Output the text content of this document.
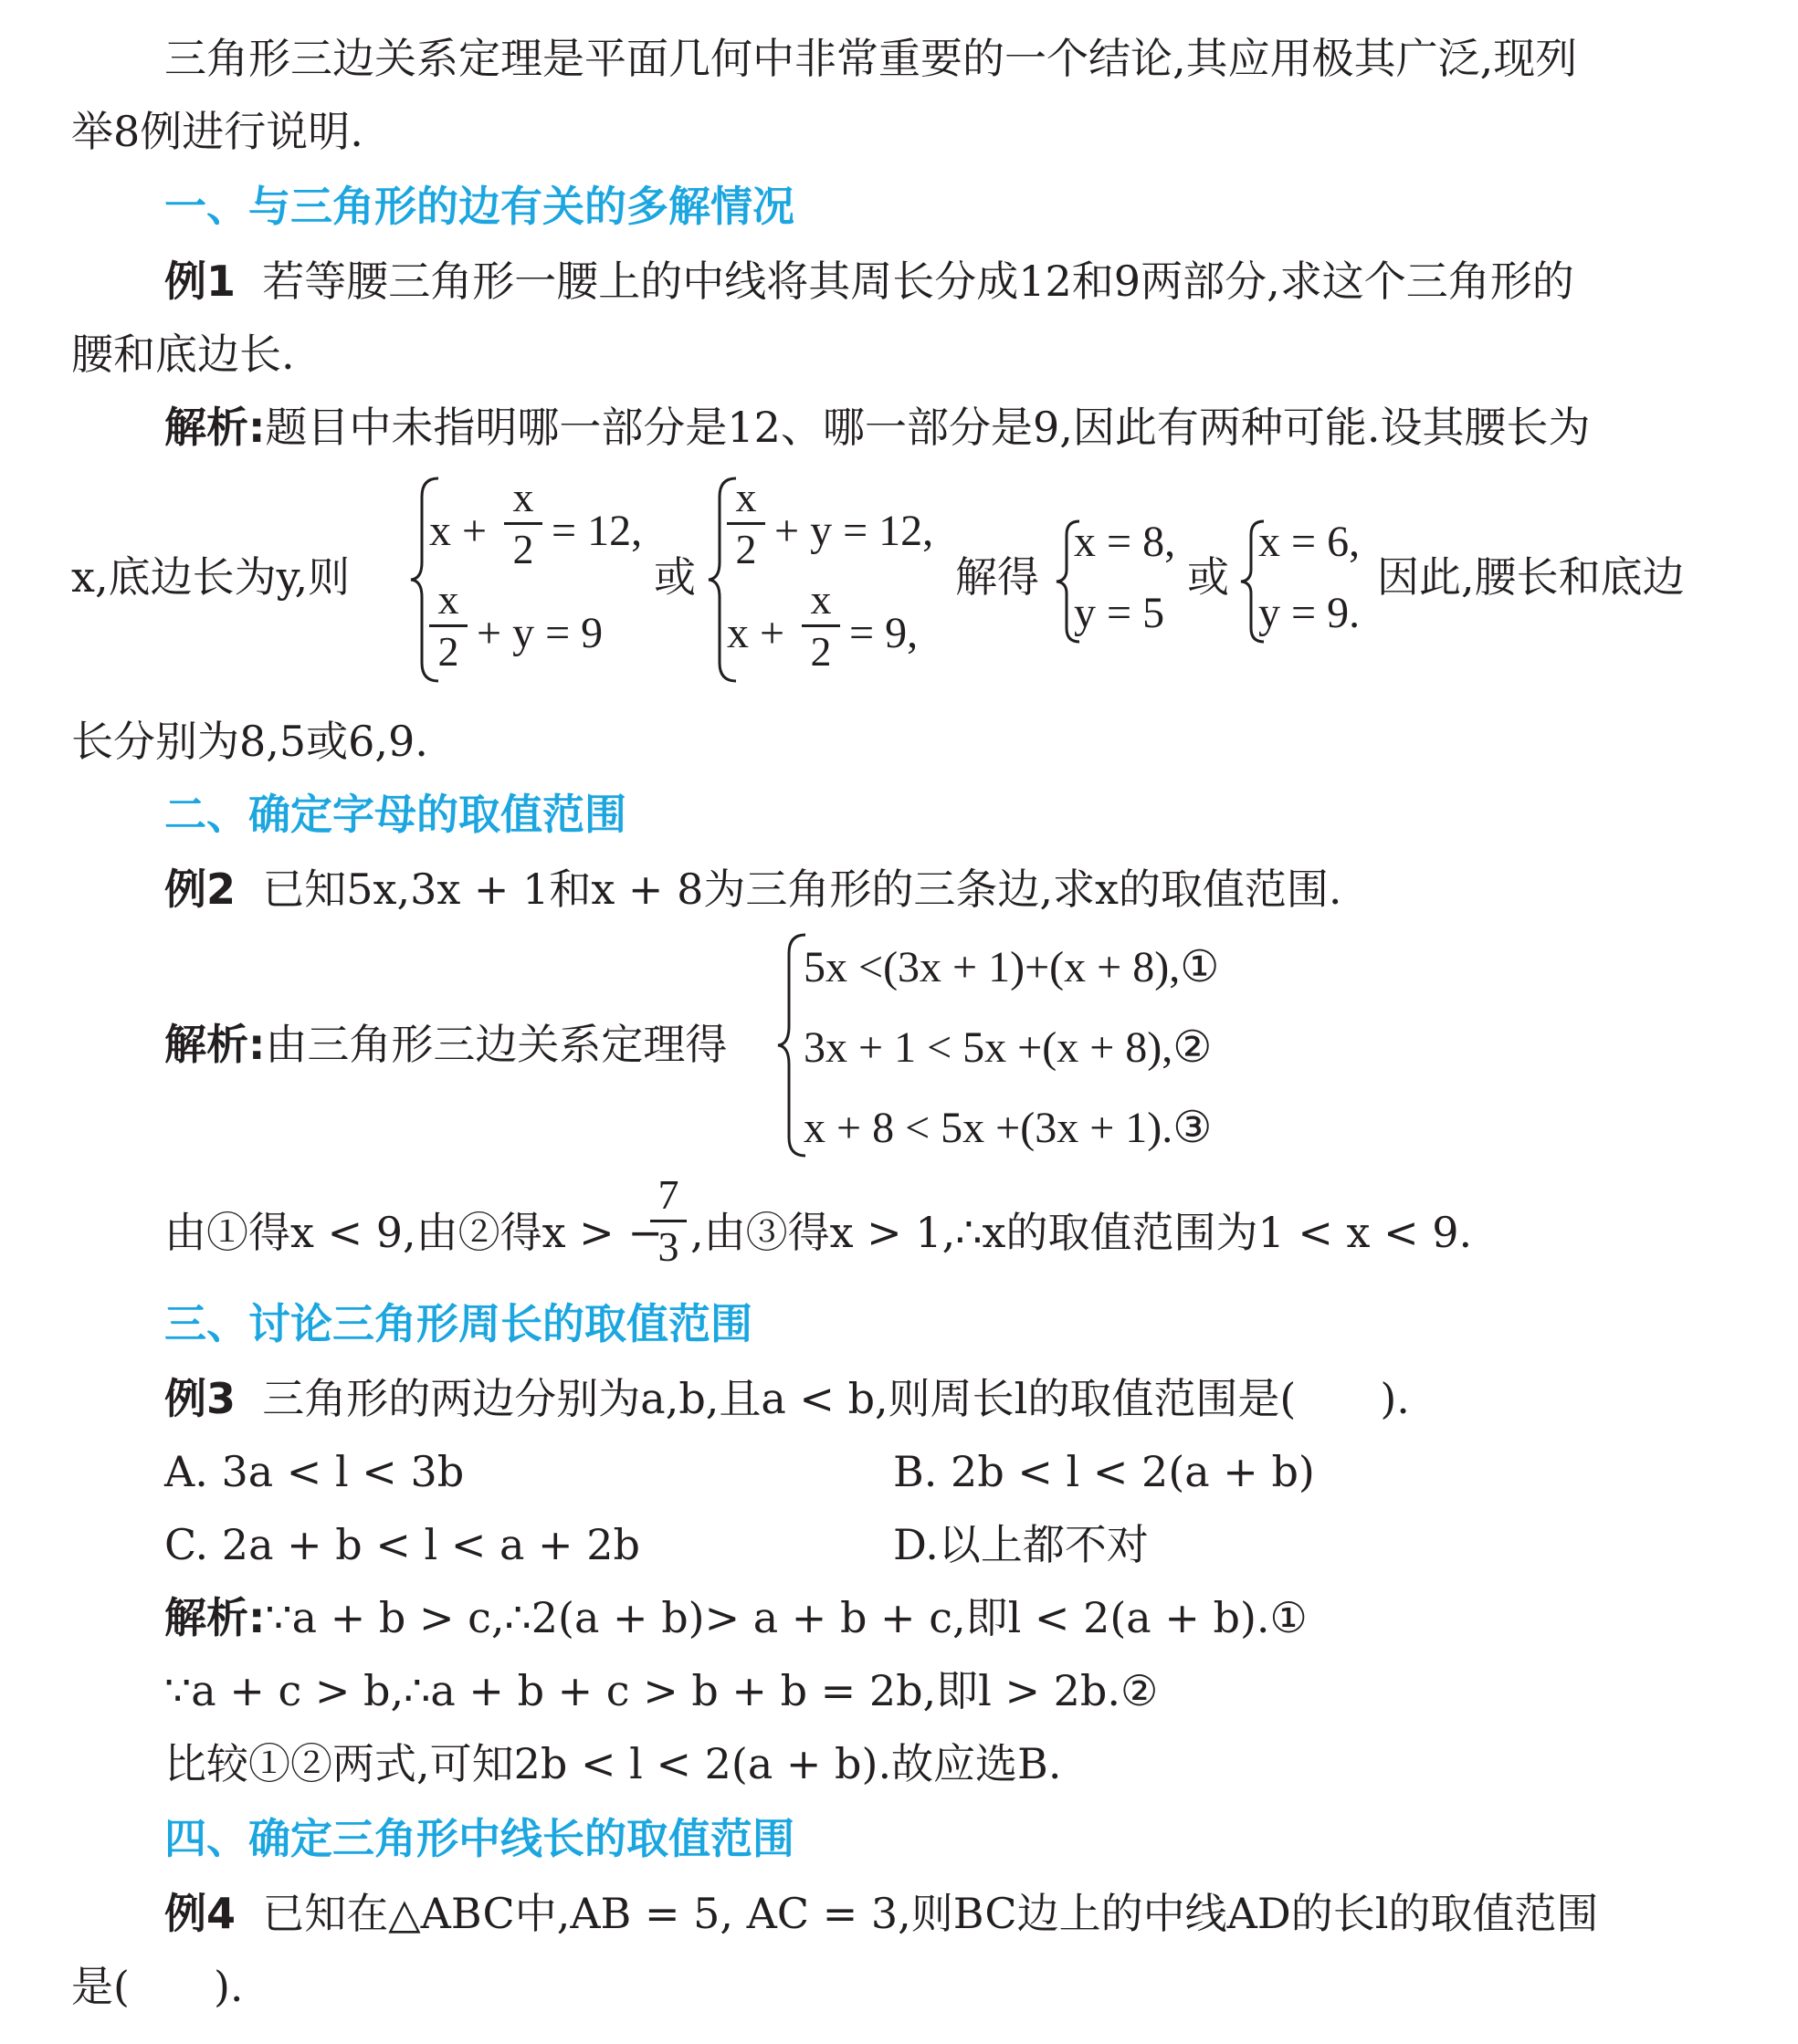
三角形三边关系定理是平面几何中非常重要的一个结论,其应用极其广泛,现列
举8例进行说明.
一、与三角形的边有关的多解情况
例1 若等腰三角形一腰上的中线将其周长分成12和9两部分,求这个三角形的
腰和底边长.
解析:题目中未指明哪一部分是12、哪一部分是9,因此有两种可能.设其腰长为
x,底边长为y,则
x +
x
2 = 12,
x
2 + y = 9
或
x
2 + y = 12,
x +
x
2 = 9,
解得
x = 8,
y = 5
或
x = 6,
y = 9.
因此,腰长和底边
长分别为8,5或6,9.
二、确定字母的取值范围
例2 已知5x,3x + 1和x + 8为三角形的三条边,求x的取值范围.
解析:由三角形三边关系定理得
5x <(3x + 1)+(x + 8),①
3x + 1 < 5x +(x + 8),②
x + 8 < 5x +(3x + 1).③
由①得x < 9,由②得x > −
7
3 ,由③得x > 1,∴x的取值范围为1 < x < 9.
三、讨论三角形周长的取值范围
例3 三角形的两边分别为a,b,且a < b,则周长l的取值范围是(　　).
A. 3a < l < 3b	B. 2b < l < 2(a + b)
C. 2a + b < l < a + 2b	D.以上都不对
解析:∵a + b > c,∴2(a + b)> a + b + c,即l < 2(a + b).①
∵a + c > b,∴a + b + c > b + b = 2b,即l > 2b.②
比较①②两式,可知2b < l < 2(a + b).故应选B.
四、确定三角形中线长的取值范围
例4 已知在△ABC中,AB = 5, AC = 3,则BC边上的中线AD的长l的取值范围
是(　　).
